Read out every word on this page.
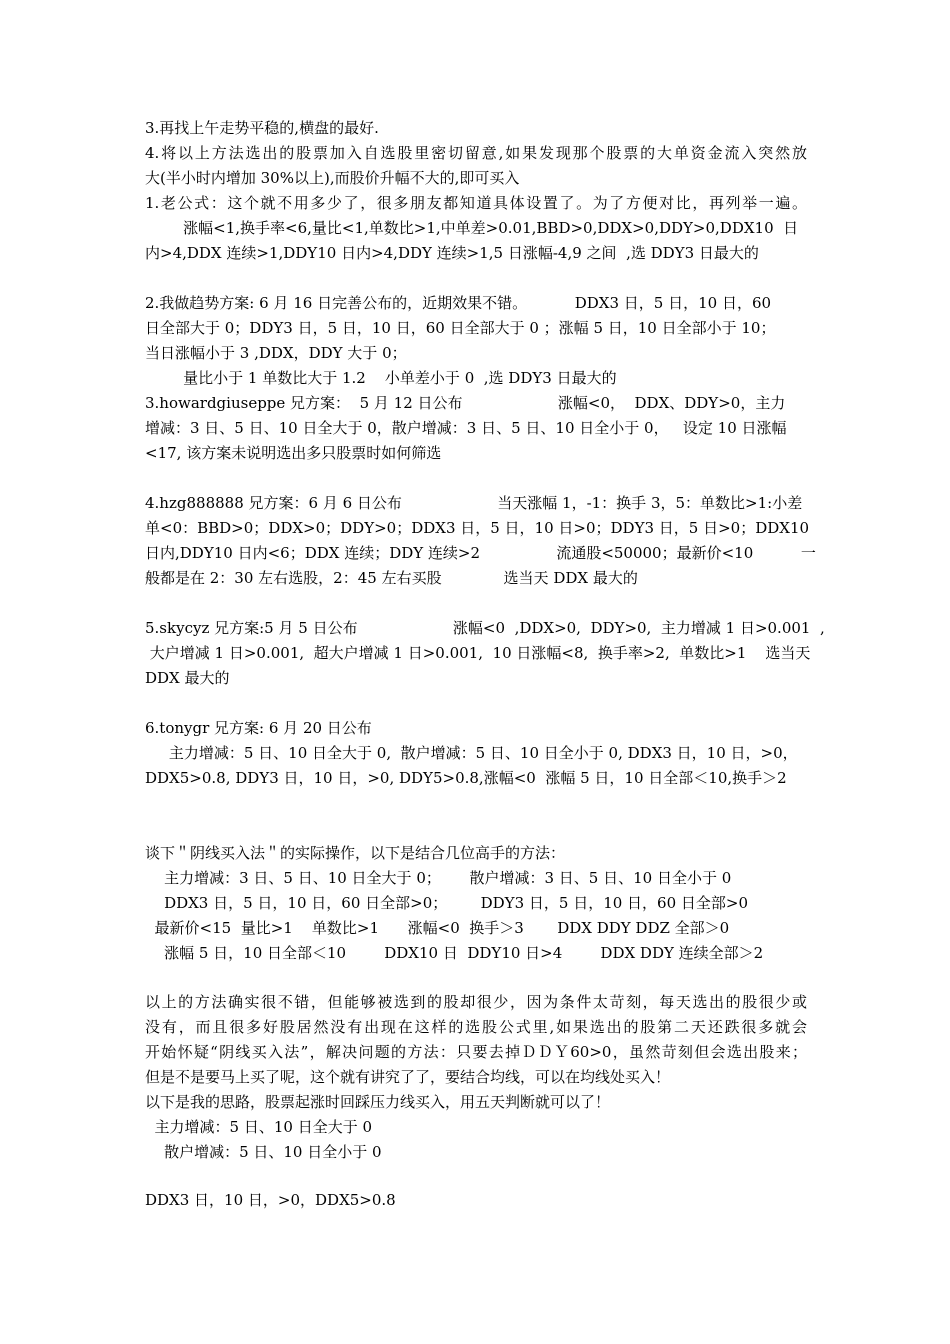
3.再找上午走势平稳的,横盘的最好.
4.将以上方法选出的股票加入自选股里密切留意,如果发现那个股票的大单资金流入突然放
大(半小时内增加 30%以上),而股价升幅不大的,即可买入
1.老公式：这个就不用多少了，很多朋友都知道具体设置了。为了方便对比，再列举一遍。
涨幅<1,换手率<6,量比<1,单数比>1,中单差>0.01,BBD>0,DDX>0,DDY>0,DDX10  日
内>4,DDX 连续>1,DDY10 日内>4,DDY 连续>1,5 日涨幅-4,9 之间  ,选 DDY3 日最大的
2.我做趋势方案: 6 月 16 日完善公布的，近期效果不错。          DDX3 日，5 日，10 日，60
日全部大于 0；DDY3 日，5 日，10 日，60 日全部大于 0 ；涨幅 5 日，10 日全部小于 10；
当日涨幅小于 3 ,DDX，DDY 大于 0；
量比小于 1 单数比大于 1.2    小单差小于 0  ,选 DDY3 日最大的
3.howardgiuseppe 兄方案：  5 月 12 日公布                    涨幅<0，  DDX、DDY>0，主力
增减：3 日、5 日、10 日全大于 0，散户增减：3 日、5 日、10 日全小于 0，   设定 10 日涨幅
<17, 该方案未说明选出多只股票时如何筛选
4.hzg888888 兄方案：6 月 6 日公布                    当天涨幅 1，-1：换手 3，5：单数比>1:小差
单<0：BBD>0；DDX>0；DDY>0；DDX3 日，5 日，10 日>0；DDY3 日，5 日>0；DDX10
日内,DDY10 日内<6；DDX 连续；DDY 连续>2                流通股<50000；最新价<10          一
般都是在 2：30 左右选股，2：45 左右买股             选当天 DDX 最大的
5.skycyz 兄方案:5 月 5 日公布                    涨幅<0  ,DDX>0,  DDY>0,  主力增减 1 日>0.001  ,
大户增减 1 日>0.001,  超大户增减 1 日>0.001,  10 日涨幅<8,  换手率>2,  单数比>1    选当天
DDX 最大的
6.tonygr 兄方案: 6 月 20 日公布
主力增减：5 日、10 日全大于 0,  散户增减：5 日、10 日全小于 0, DDX3 日，10 日，>0，
DDX5>0.8, DDY3 日，10 日，>0, DDY5>0.8,涨幅<0  涨幅 5 日，10 日全部＜10,换手＞2
谈下＂阴线买入法＂的实际操作，以下是结合几位高手的方法：
主力增减：3 日、5 日、10 日全大于 0；      散户增减：3 日、5 日、10 日全小于 0
DDX3 日，5 日，10 日，60 日全部>0；       DDY3 日，5 日，10 日，60 日全部>0
最新价<15  量比>1    单数比>1      涨幅<0  换手＞3       DDX DDY DDZ 全部＞0
涨幅 5 日，10 日全部＜10        DDX10 日  DDY10 日>4        DDX DDY 连续全部＞2
以上的方法确实很不错，但能够被选到的股却很少，因为条件太苛刻，每天选出的股很少或
没有，而且很多好股居然没有出现在这样的选股公式里,如果选出的股第二天还跌很多就会
开始怀疑“阴线买入法”，解决问题的方法：只要去掉ＤＤＹ60>0，虽然苛刻但会选出股来；
但是不是要马上买了呢，这个就有讲究了了，要结合均线，可以在均线处买入！
以下是我的思路，股票起涨时回踩压力线买入，用五天判断就可以了！
主力增减：5 日、10 日全大于 0
散户增减：5 日、10 日全小于 0
DDX3 日，10 日，>0，DDX5>0.8
